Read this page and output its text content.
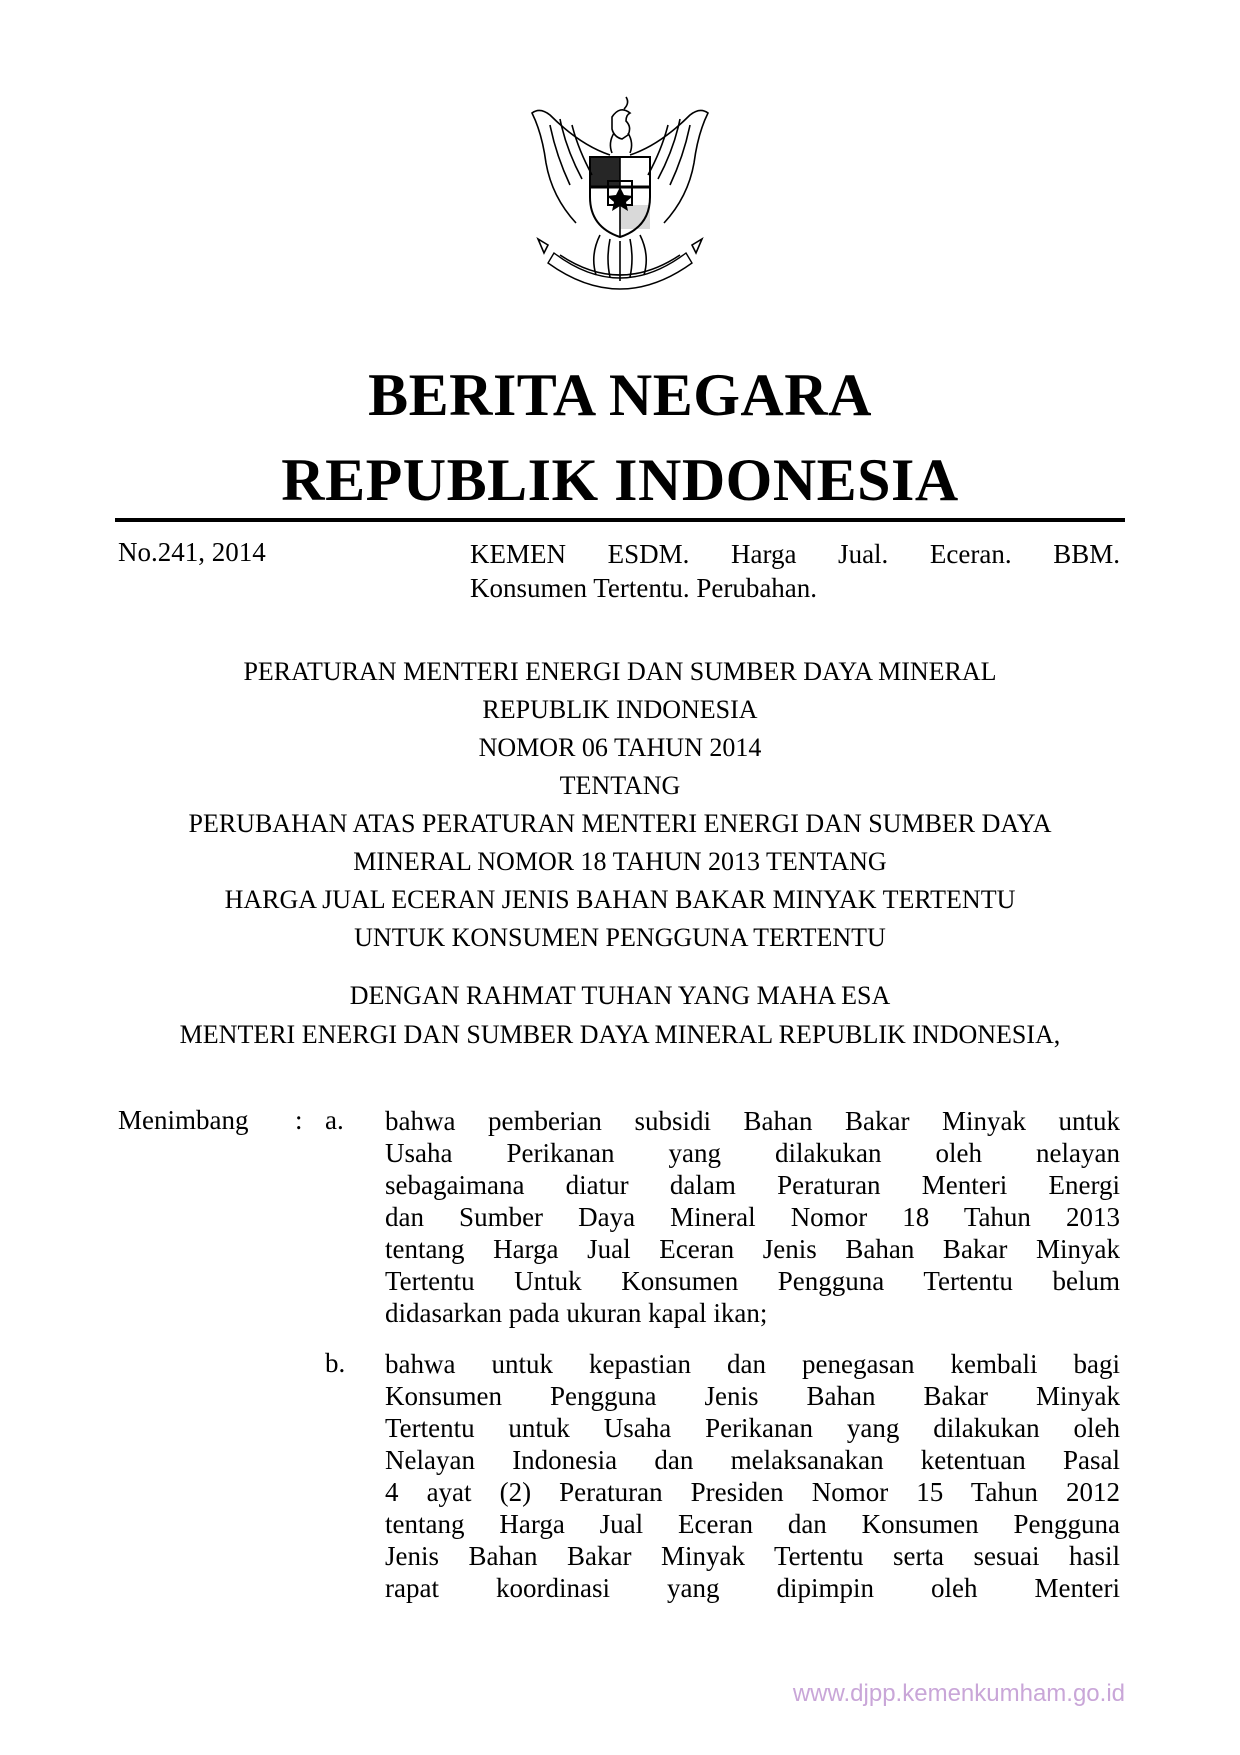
BERITA NEGARA
REPUBLIK INDONESIA
No.241, 2014	KEMEN ESDM. Harga Jual. Eceran. BBM.
Konsumen Tertentu. Perubahan.
PERATURAN MENTERI ENERGI DAN SUMBER DAYA MINERAL
REPUBLIK INDONESIA
NOMOR 06 TAHUN 2014
TENTANG
PERUBAHAN ATAS PERATURAN MENTERI ENERGI DAN SUMBER DAYA
MINERAL NOMOR 18 TAHUN 2013 TENTANG
HARGA JUAL ECERAN JENIS BAHAN BAKAR MINYAK TERTENTU
UNTUK KONSUMEN PENGGUNA TERTENTU
DENGAN RAHMAT TUHAN YANG MAHA ESA
MENTERI ENERGI DAN SUMBER DAYA MINERAL REPUBLIK INDONESIA,
Menimbang : a. bahwa pemberian subsidi Bahan Bakar Minyak untuk
Usaha Perikanan yang dilakukan oleh nelayan
sebagaimana diatur dalam Peraturan Menteri Energi
dan Sumber Daya Mineral Nomor 18 Tahun 2013
tentang Harga Jual Eceran Jenis Bahan Bakar Minyak
Tertentu Untuk Konsumen Pengguna Tertentu belum
didasarkan pada ukuran kapal ikan;
b. bahwa untuk kepastian dan penegasan kembali bagi
Konsumen Pengguna Jenis Bahan Bakar Minyak
Tertentu untuk Usaha Perikanan yang dilakukan oleh
Nelayan Indonesia dan melaksanakan ketentuan Pasal
4 ayat (2) Peraturan Presiden Nomor 15 Tahun 2012
tentang Harga Jual Eceran dan Konsumen Pengguna
Jenis Bahan Bakar Minyak Tertentu serta sesuai hasil
rapat koordinasi yang dipimpin oleh Menteri
www.djpp.kemenkumham.go.id
